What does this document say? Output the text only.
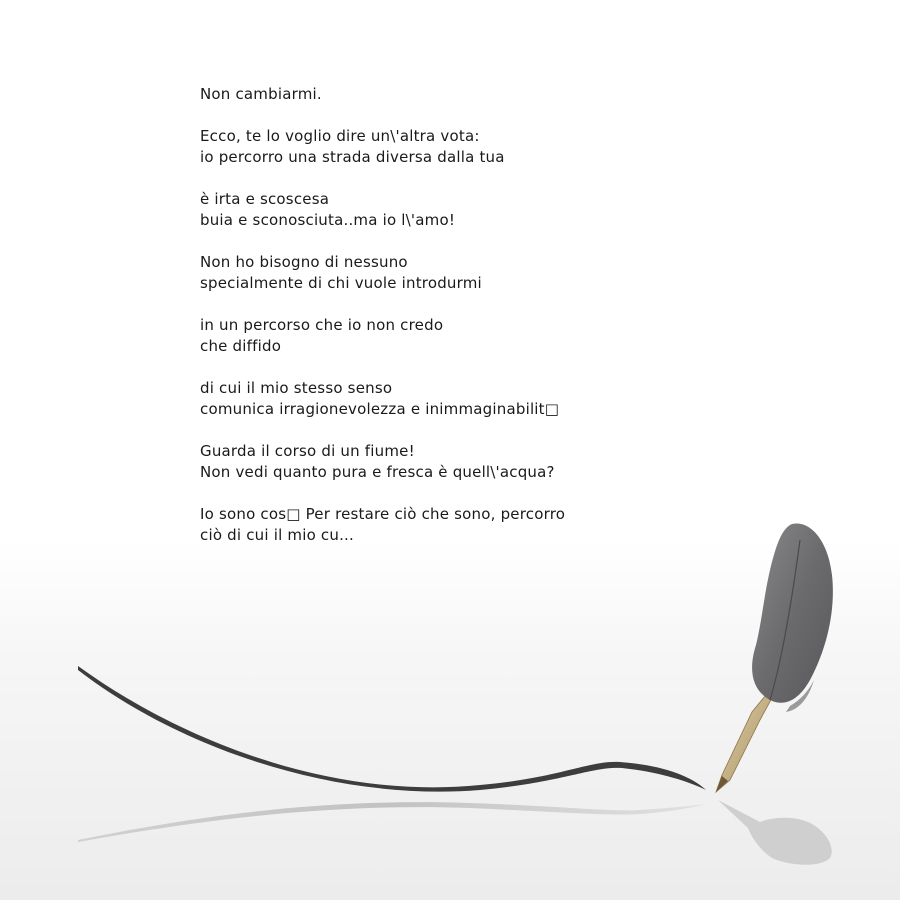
Non cambiarmi.
Ecco, te lo voglio dire un\'altra vota:
io percorro una strada diversa dalla tua
è irta e scoscesa
buia e sconosciuta..ma io l\'amo!
Non ho bisogno di nessuno
specialmente di chi vuole introdurmi
in un percorso che io non credo
che diffido
di cui il mio stesso senso
comunica irragionevolezza e inimmaginabilit□
Guarda il corso di un fiume!
Non vedi quanto pura e fresca è quell\'acqua?
Io sono cos□ Per restare ciò che sono, percorro
ciò di cui il mio cu...
